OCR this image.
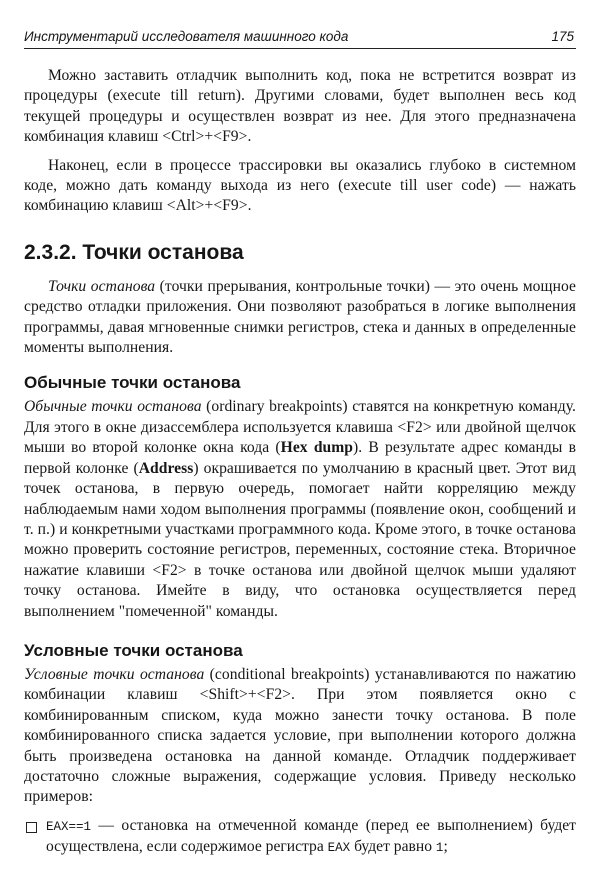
Инструментарий исследователя машинного кода	175

Можно заставить отладчик выполнить код, пока не встретится возврат из процедуры (execute till return). Другими словами, будет выполнен весь код текущей процедуры и осуществлен возврат из нее. Для этого предназначена комбинация клавиш <Ctrl>+<F9>.

Наконец, если в процессе трассировки вы оказались глубоко в системном коде, можно дать команду выхода из него (execute till user code) — нажать комбинацию клавиш <Alt>+<F9>.

2.3.2. Точки останова

Точки останова (точки прерывания, контрольные точки) — это очень мощное средство отладки приложения. Они позволяют разобраться в логике выполнения программы, давая мгновенные снимки регистров, стека и данных в определенные моменты выполнения.

Обычные точки останова

Обычные точки останова (ordinary breakpoints) ставятся на конкретную команду. Для этого в окне дизассемблера используется клавиша <F2> или двойной щелчок мыши во второй колонке окна кода (Hex dump). В результате адрес команды в первой колонке (Address) окрашивается по умолчанию в красный цвет. Этот вид точек останова, в первую очередь, помогает найти корреляцию между наблюдаемым нами ходом выполнения программы (появление окон, сообщений и т. п.) и конкретными участками программного кода. Кроме этого, в точке останова можно проверить состояние регистров, переменных, состояние стека. Вторичное нажатие клавиши <F2> в точке останова или двойной щелчок мыши удаляют точку останова. Имейте в виду, что остановка осуществляется перед выполнением "помеченной" команды.

Условные точки останова

Условные точки останова (conditional breakpoints) устанавливаются по нажатию комбинации клавиш <Shift>+<F2>. При этом появляется окно с комбинированным списком, куда можно занести точку останова. В поле комбинированного списка задается условие, при выполнении которого должна быть произведена остановка на данной команде. Отладчик поддерживает достаточно сложные выражения, содержащие условия. Приведу несколько примеров:

EAX==1 — остановка на отмеченной команде (перед ее выполнением) будет осуществлена, если содержимое регистра EAX будет равно 1;
